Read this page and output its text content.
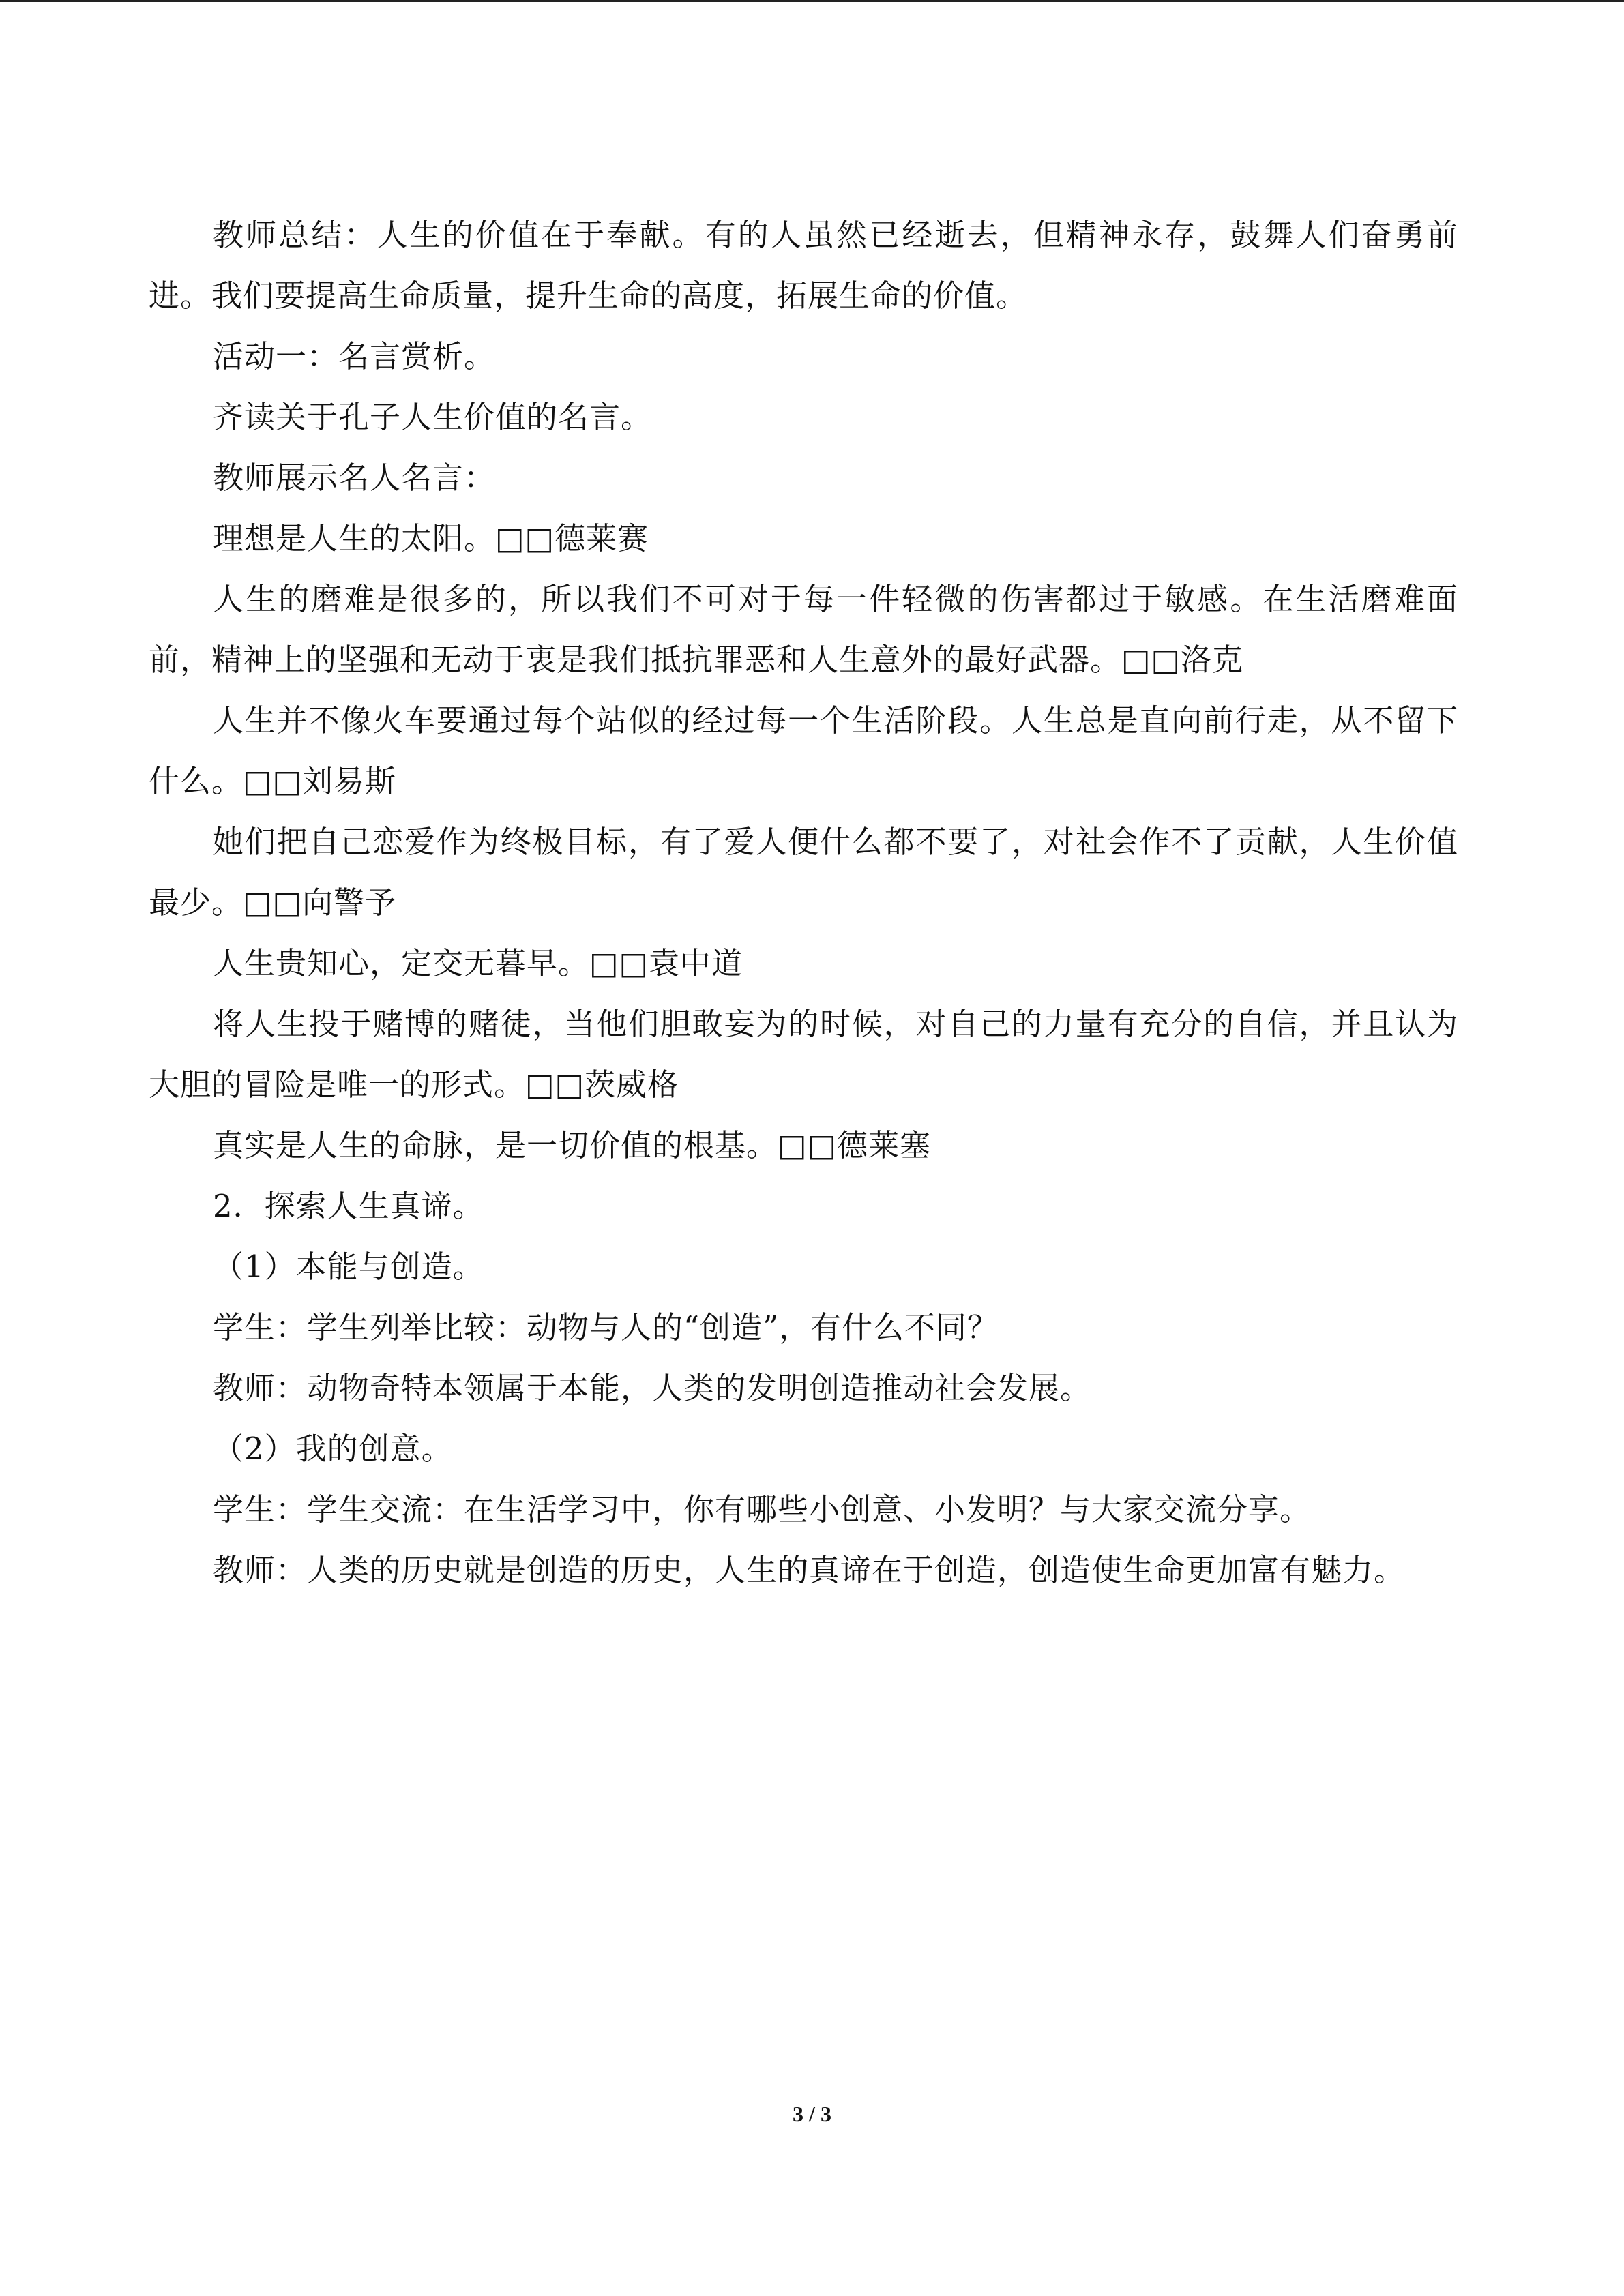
教师总结：人生的价值在于奉献。有的人虽然已经逝去，但精神永存，鼓舞人们奋勇前进。我们要提高生命质量，提升生命的高度，拓展生命的价值。

活动一：名言赏析。

齐读关于孔子人生价值的名言。

教师展示名人名言：

理想是人生的太阳。□□德莱赛

人生的磨难是很多的，所以我们不可对于每一件轻微的伤害都过于敏感。在生活磨难面前，精神上的坚强和无动于衷是我们抵抗罪恶和人生意外的最好武器。□□洛克

人生并不像火车要通过每个站似的经过每一个生活阶段。人生总是直向前行走，从不留下什么。□□刘易斯

她们把自己恋爱作为终极目标，有了爱人便什么都不要了，对社会作不了贡献，人生价值最少。□□向警予

人生贵知心，定交无暮早。□□袁中道

将人生投于赌博的赌徒，当他们胆敢妄为的时候，对自己的力量有充分的自信，并且认为大胆的冒险是唯一的形式。□□茨威格

真实是人生的命脉，是一切价值的根基。□□德莱塞

2．探索人生真谛。

（1）本能与创造。

学生：学生列举比较：动物与人的“创造”，有什么不同？

教师：动物奇特本领属于本能，人类的发明创造推动社会发展。

（2）我的创意。

学生：学生交流：在生活学习中，你有哪些小创意、小发明？与大家交流分享。

教师：人类的历史就是创造的历史，人生的真谛在于创造，创造使生命更加富有魅力。

3 / 3
